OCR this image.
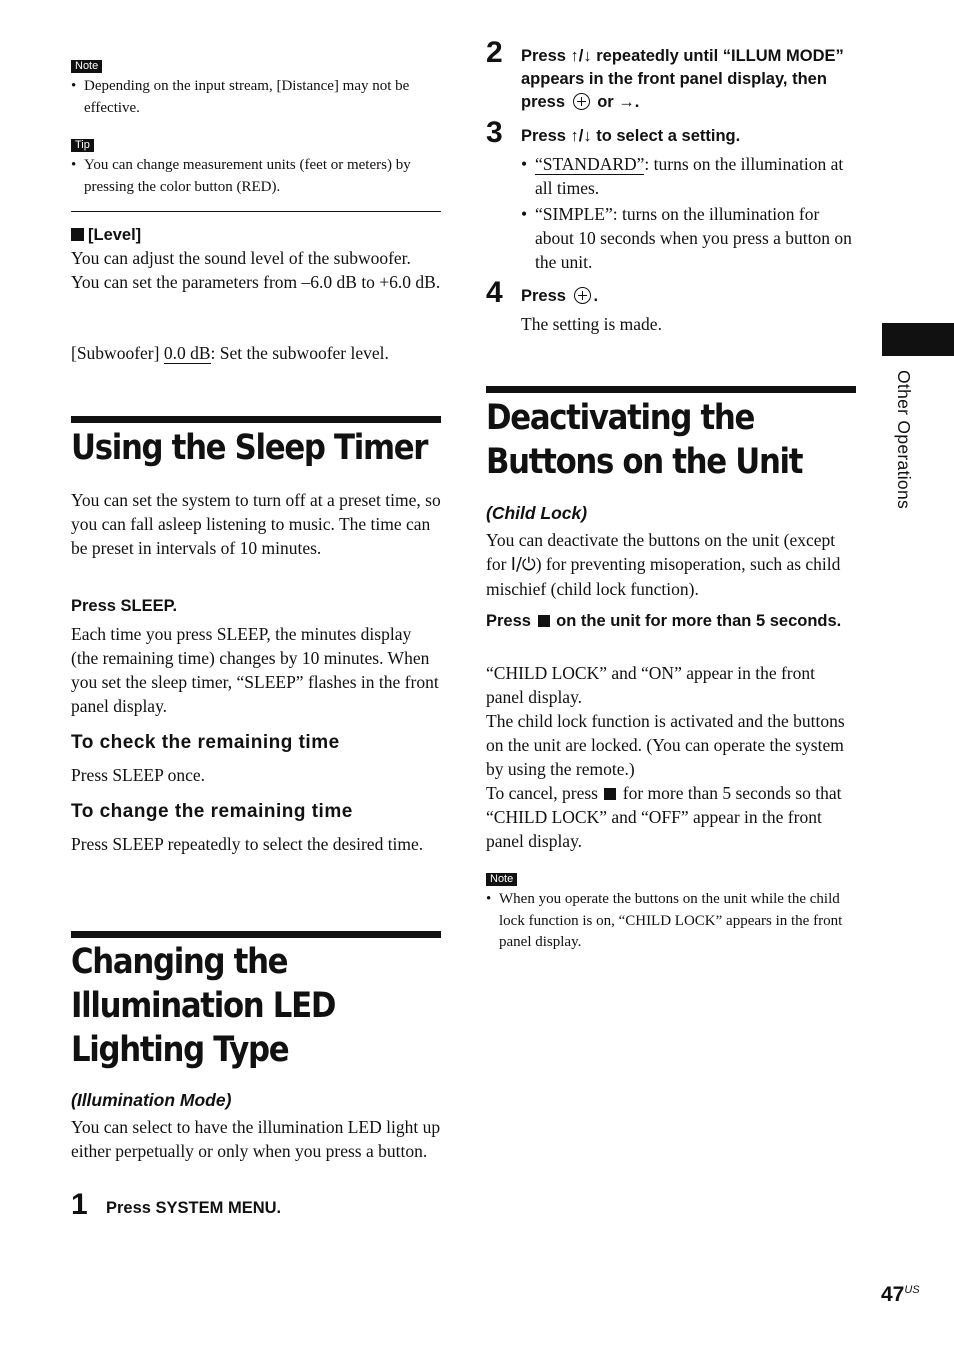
Note
• Depending on the input stream, [Distance] may not be effective.
Tip
• You can change measurement units (feet or meters) by pressing the color button (RED).
[Level]
You can adjust the sound level of the subwoofer. You can set the parameters from –6.0 dB to +6.0 dB.
[Subwoofer] 0.0 dB: Set the subwoofer level.
Using the Sleep Timer
You can set the system to turn off at a preset time, so you can fall asleep listening to music. The time can be preset in intervals of 10 minutes.
Press SLEEP.
Each time you press SLEEP, the minutes display (the remaining time) changes by 10 minutes. When you set the sleep timer, “SLEEP” flashes in the front panel display.
To check the remaining time
Press SLEEP once.
To change the remaining time
Press SLEEP repeatedly to select the desired time.
Changing the Illumination LED Lighting Type
(Illumination Mode)
You can select to have the illumination LED light up either perpetually or only when you press a button.
1 Press SYSTEM MENU.
2 Press ↑/↓ repeatedly until “ILLUM MODE” appears in the front panel display, then press  or →.
3 Press ↑/↓ to select a setting.
• “STANDARD”: turns on the illumination at all times.
• “SIMPLE”: turns on the illumination for about 10 seconds when you press a button on the unit.
4 Press .
The setting is made.
Deactivating the Buttons on the Unit
(Child Lock)
You can deactivate the buttons on the unit (except for I/⏻) for preventing misoperation, such as child mischief (child lock function).
Press  on the unit for more than 5 seconds.
“CHILD LOCK” and “ON” appear in the front panel display.
The child lock function is activated and the buttons on the unit are locked. (You can operate the system by using the remote.)
To cancel, press  for more than 5 seconds so that “CHILD LOCK” and “OFF” appear in the front panel display.
Note
• When you operate the buttons on the unit while the child lock function is on, “CHILD LOCK” appears in the front panel display.
Other Operations
$47^{US}$
